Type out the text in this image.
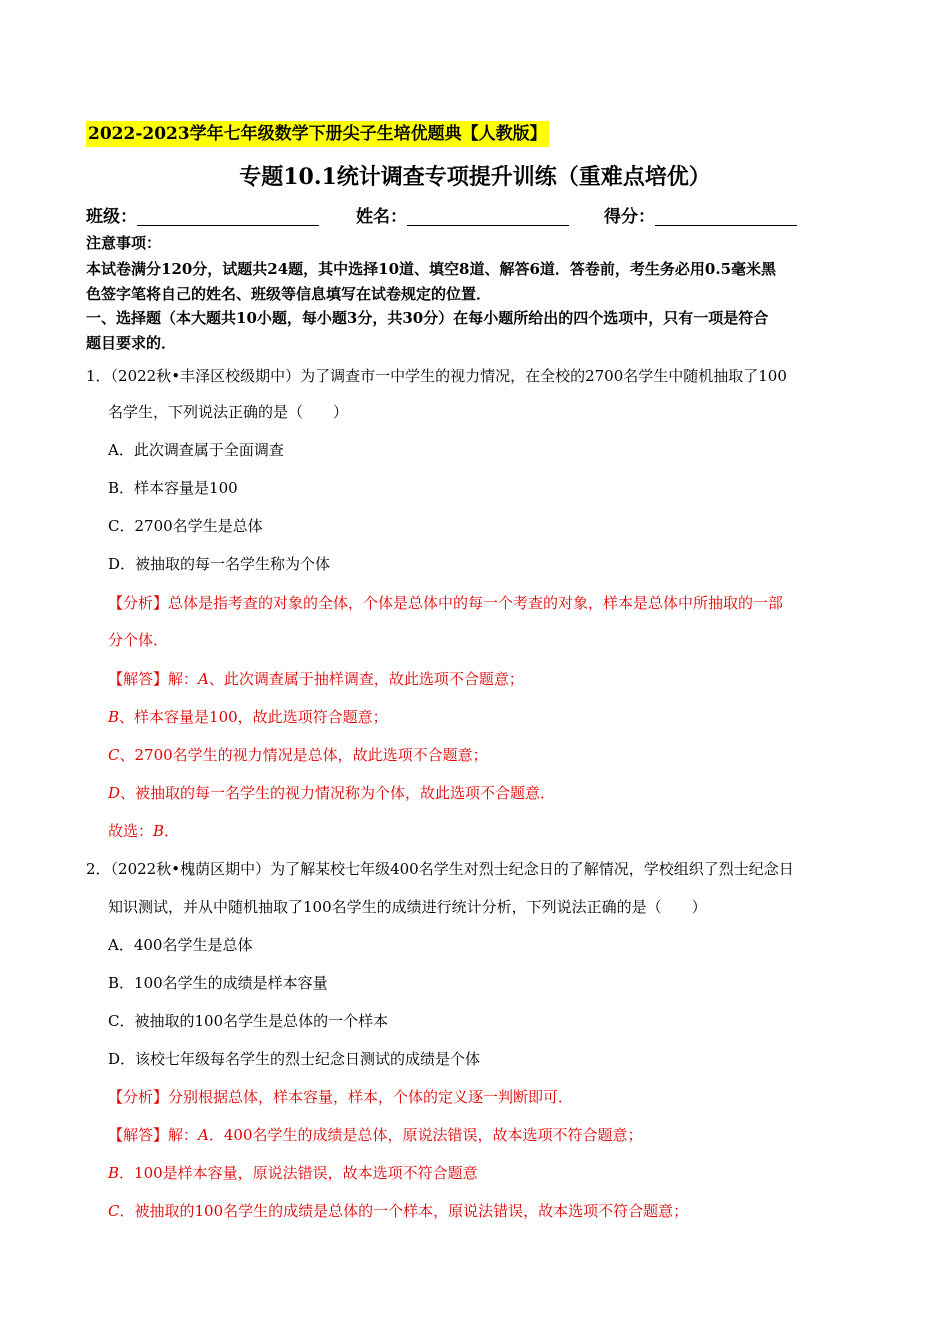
2022-2023学年七年级数学下册尖子生培优题典【人教版】
专题10.1统计调查专项提升训练（重难点培优）
班级：	姓名：	得分：
注意事项：
本试卷满分120分，试题共24题，其中选择10道、填空8道、解答6道．答卷前，考生务必用0.5毫米黑
色签字笔将自己的姓名、班级等信息填写在试卷规定的位置．
一、选择题（本大题共10小题，每小题3分，共30分）在每小题所给出的四个选项中，只有一项是符合
题目要求的．
1．（2022秋•丰泽区校级期中）为了调查市一中学生的视力情况，在全校的2700名学生中随机抽取了100
名学生，下列说法正确的是（　　）
A．此次调查属于全面调查
B．样本容量是100
C．2700名学生是总体
D．被抽取的每一名学生称为个体
【分析】总体是指考查的对象的全体，个体是总体中的每一个考查的对象，样本是总体中所抽取的一部
分个体．
【解答】解：A、此次调查属于抽样调查，故此选项不合题意；
B、样本容量是100，故此选项符合题意；
C、2700名学生的视力情况是总体，故此选项不合题意；
D、被抽取的每一名学生的视力情况称为个体，故此选项不合题意．
故选：B．
2．（2022秋•槐荫区期中）为了解某校七年级400名学生对烈士纪念日的了解情况，学校组织了烈士纪念日
知识测试，并从中随机抽取了100名学生的成绩进行统计分析，下列说法正确的是（　　）
A．400名学生是总体
B．100名学生的成绩是样本容量
C．被抽取的100名学生是总体的一个样本
D．该校七年级每名学生的烈士纪念日测试的成绩是个体
【分析】分别根据总体，样本容量，样本，个体的定义逐一判断即可．
【解答】解：A．400名学生的成绩是总体，原说法错误，故本选项不符合题意；
B．100是样本容量，原说法错误，故本选项不符合题意
C．被抽取的100名学生的成绩是总体的一个样本，原说法错误，故本选项不符合题意；
